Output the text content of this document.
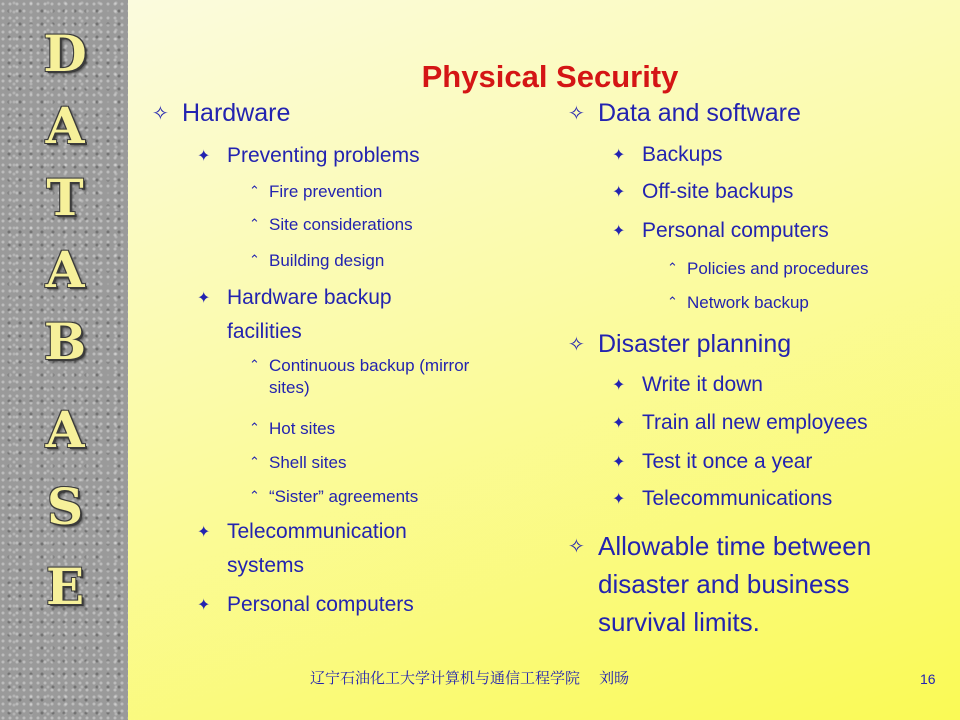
D
A
T
A
B
A
S
E
Physical Security
✧ Hardware
✦ Preventing problems
⌃ Fire prevention
⌃ Site considerations
⌃ Building design
✦ Hardware backup facilities
⌃ Continuous backup (mirror sites)
⌃ Hot sites
⌃ Shell sites
⌃ “Sister” agreements
✦ Telecommunication systems
✦ Personal computers
✧ Data and software
✦ Backups
✦ Off-site backups
✦ Personal computers
⌃ Policies and procedures
⌃ Network backup
✧ Disaster planning
✦ Write it down
✦ Train all new employees
✦ Test it once a year
✦ Telecommunications
✧ Allowable time between disaster and business survival limits.
辽宁石油化工大学计算机与通信工程学院    刘旸	16
